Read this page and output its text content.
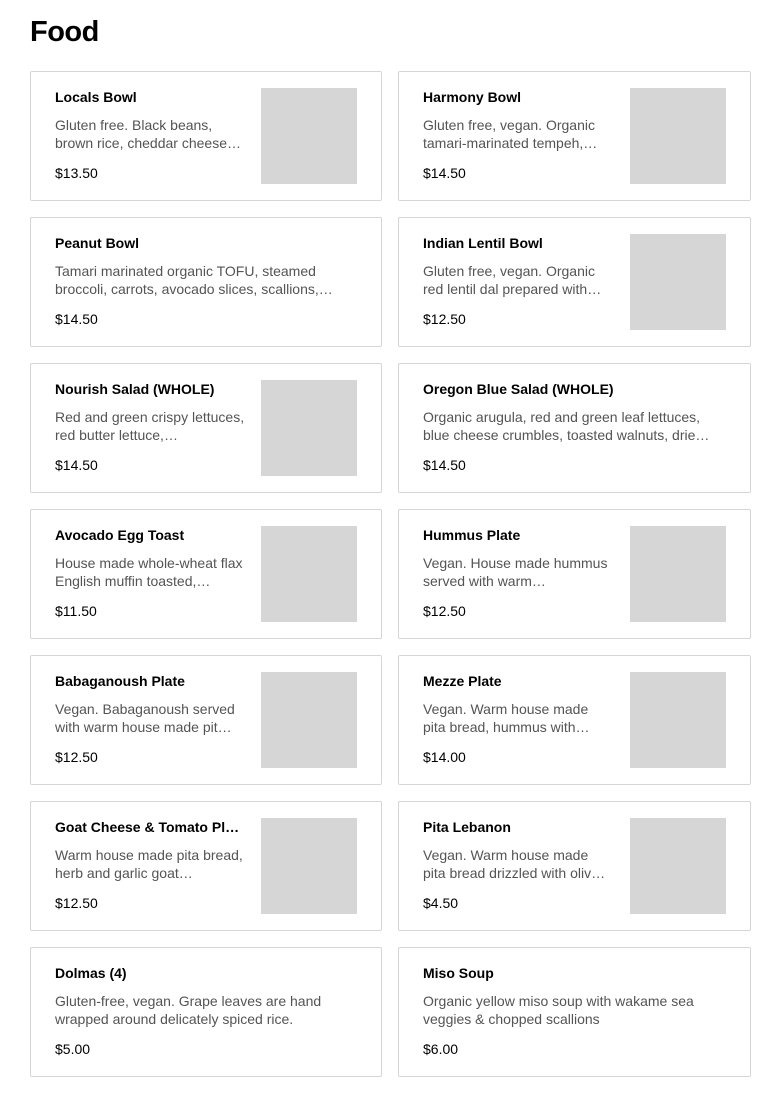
Food
Locals Bowl
Gluten free. Black beans, brown rice, cheddar cheese…
$13.50
Harmony Bowl
Gluten free, vegan. Organic tamari-marinated tempeh,…
$14.50
Peanut Bowl
Tamari marinated organic TOFU, steamed broccoli, carrots, avocado slices, scallions,…
$14.50
Indian Lentil Bowl
Gluten free, vegan. Organic red lentil dal prepared with…
$12.50
Nourish Salad (WHOLE)
Red and green crispy lettuces, red butter lettuce,…
$14.50
Oregon Blue Salad (WHOLE)
Organic arugula, red and green leaf lettuces, blue cheese crumbles, toasted walnuts, drie…
$14.50
Avocado Egg Toast
House made whole-wheat flax English muffin toasted,…
$11.50
Hummus Plate
Vegan. House made hummus served with warm…
$12.50
Babaganoush Plate
Vegan. Babaganoush served with warm house made pit…
$12.50
Mezze Plate
Vegan. Warm house made pita bread, hummus with…
$14.00
Goat Cheese & Tomato Plate
Warm house made pita bread, herb and garlic goat…
$12.50
Pita Lebanon
Vegan. Warm house made pita bread drizzled with oliv…
$4.50
Dolmas (4)
Gluten-free, vegan. Grape leaves are hand wrapped around delicately spiced rice.
$5.00
Miso Soup
Organic yellow miso soup with wakame sea veggies & chopped scallions
$6.00
